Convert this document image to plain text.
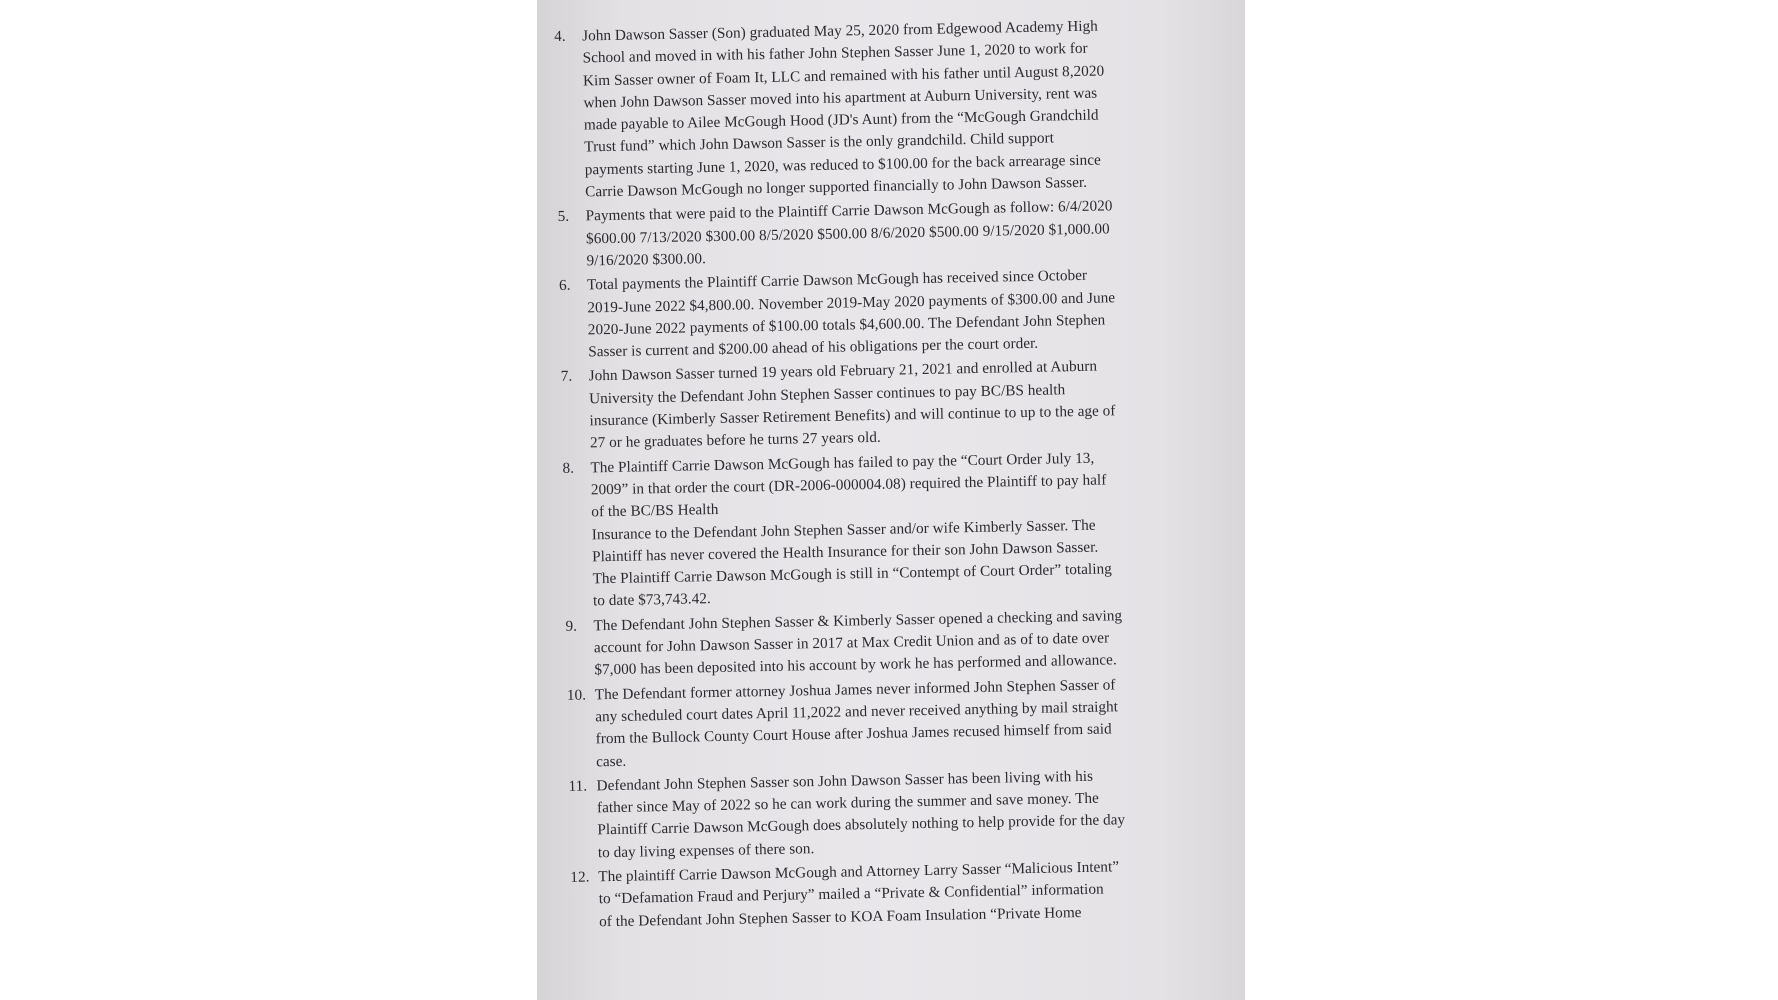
4.	John Dawson Sasser (Son) graduated May 25, 2020 from Edgewood Academy High
School and moved in with his father John Stephen Sasser June 1, 2020 to work for
Kim Sasser owner of Foam It, LLC and remained with his father until August 8,2020
when John Dawson Sasser moved into his apartment at Auburn University, rent was
made payable to Ailee McGough Hood (JD's Aunt) from the “McGough Grandchild
Trust fund” which John Dawson Sasser is the only grandchild. Child support
payments starting June 1, 2020, was reduced to $100.00 for the back arrearage since
Carrie Dawson McGough no longer supported financially to John Dawson Sasser.
5.	Payments that were paid to the Plaintiff Carrie Dawson McGough as follow: 6/4/2020
$600.00 7/13/2020 $300.00 8/5/2020 $500.00 8/6/2020 $500.00 9/15/2020 $1,000.00
9/16/2020 $300.00.
6.	Total payments the Plaintiff Carrie Dawson McGough has received since October
2019-June 2022 $4,800.00. November 2019-May 2020 payments of $300.00 and June
2020-June 2022 payments of $100.00 totals $4,600.00. The Defendant John Stephen
Sasser is current and $200.00 ahead of his obligations per the court order.
7.	John Dawson Sasser turned 19 years old February 21, 2021 and enrolled at Auburn
University the Defendant John Stephen Sasser continues to pay BC/BS health
insurance (Kimberly Sasser Retirement Benefits) and will continue to up to the age of
27 or he graduates before he turns 27 years old.
8.	The Plaintiff Carrie Dawson McGough has failed to pay the “Court Order July 13,
2009” in that order the court (DR-2006-000004.08) required the Plaintiff to pay half
of the BC/BS Health
Insurance to the Defendant John Stephen Sasser and/or wife Kimberly Sasser. The
Plaintiff has never covered the Health Insurance for their son John Dawson Sasser.
The Plaintiff Carrie Dawson McGough is still in “Contempt of Court Order” totaling
to date $73,743.42.
9.	The Defendant John Stephen Sasser & Kimberly Sasser opened a checking and saving
account for John Dawson Sasser in 2017 at Max Credit Union and as of to date over
$7,000 has been deposited into his account by work he has performed and allowance.
10. The Defendant former attorney Joshua James never informed John Stephen Sasser of
any scheduled court dates April 11,2022 and never received anything by mail straight
from the Bullock County Court House after Joshua James recused himself from said
case.
11. Defendant John Stephen Sasser son John Dawson Sasser has been living with his
father since May of 2022 so he can work during the summer and save money. The
Plaintiff Carrie Dawson McGough does absolutely nothing to help provide for the day
to day living expenses of there son.
12. The plaintiff Carrie Dawson McGough and Attorney Larry Sasser “Malicious Intent”
to “Defamation Fraud and Perjury” mailed a “Private & Confidential” information
of the Defendant John Stephen Sasser to KOA Foam Insulation “Private Home
